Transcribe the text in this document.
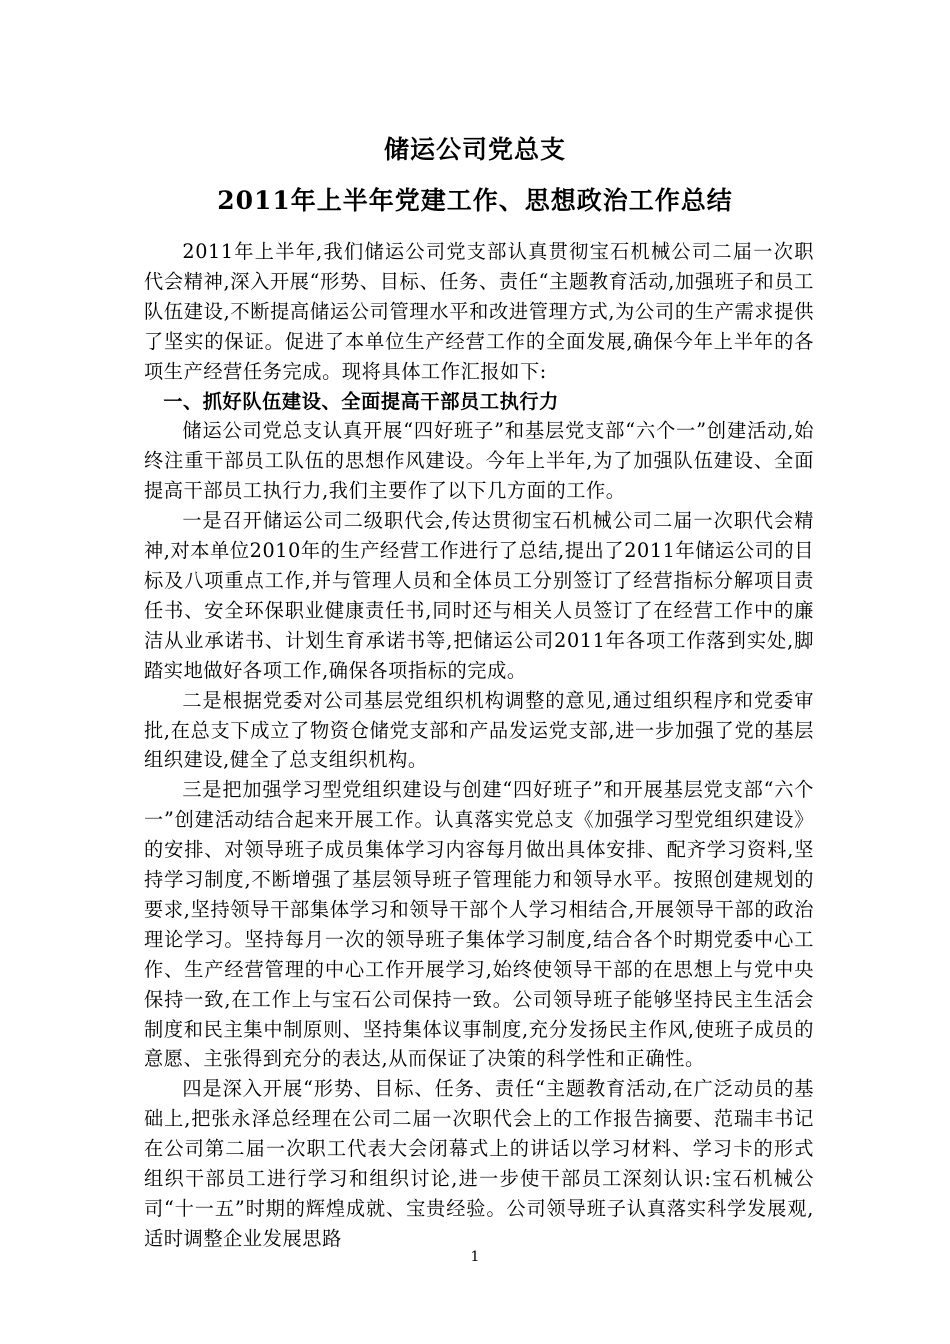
储运公司党总支
2011年上半年党建工作、思想政治工作总结

2011年上半年,我们储运公司党支部认真贯彻宝石机械公司二届一次职代会精神,深入开展“形势、目标、任务、责任“主题教育活动,加强班子和员工队伍建设,不断提高储运公司管理水平和改进管理方式,为公司的生产需求提供了坚实的保证。促进了本单位生产经营工作的全面发展,确保今年上半年的各项生产经营任务完成。现将具体工作汇报如下:

一、抓好队伍建设、全面提高干部员工执行力

储运公司党总支认真开展“四好班子”和基层党支部“六个一”创建活动,始终注重干部员工队伍的思想作风建设。今年上半年,为了加强队伍建设、全面提高干部员工执行力,我们主要作了以下几方面的工作。

一是召开储运公司二级职代会,传达贯彻宝石机械公司二届一次职代会精神,对本单位2010年的生产经营工作进行了总结,提出了2011年储运公司的目标及八项重点工作,并与管理人员和全体员工分别签订了经营指标分解项目责任书、安全环保职业健康责任书,同时还与相关人员签订了在经营工作中的廉洁从业承诺书、计划生育承诺书等,把储运公司2011年各项工作落到实处,脚踏实地做好各项工作,确保各项指标的完成。

二是根据党委对公司基层党组织机构调整的意见,通过组织程序和党委审批,在总支下成立了物资仓储党支部和产品发运党支部,进一步加强了党的基层组织建设,健全了总支组织机构。

三是把加强学习型党组织建设与创建“四好班子”和开展基层党支部“六个一”创建活动结合起来开展工作。认真落实党总支《加强学习型党组织建设》的安排、对领导班子成员集体学习内容每月做出具体安排、配齐学习资料,坚持学习制度,不断增强了基层领导班子管理能力和领导水平。按照创建规划的要求,坚持领导干部集体学习和领导干部个人学习相结合,开展领导干部的政治理论学习。坚持每月一次的领导班子集体学习制度,结合各个时期党委中心工作、生产经营管理的中心工作开展学习,始终使领导干部的在思想上与党中央保持一致,在工作上与宝石公司保持一致。公司领导班子能够坚持民主生活会制度和民主集中制原则、坚持集体议事制度,充分发扬民主作风,使班子成员的意愿、主张得到充分的表达,从而保证了决策的科学性和正确性。

四是深入开展“形势、目标、任务、责任“主题教育活动,在广泛动员的基础上,把张永泽总经理在公司二届一次职代会上的工作报告摘要、范瑞丰书记在公司第二届一次职工代表大会闭幕式上的讲话以学习材料、学习卡的形式组织干部员工进行学习和组织讨论,进一步使干部员工深刻认识:宝石机械公司“十一五”时期的辉煌成就、宝贵经验。公司领导班子认真落实科学发展观,适时调整企业发展思路

1
